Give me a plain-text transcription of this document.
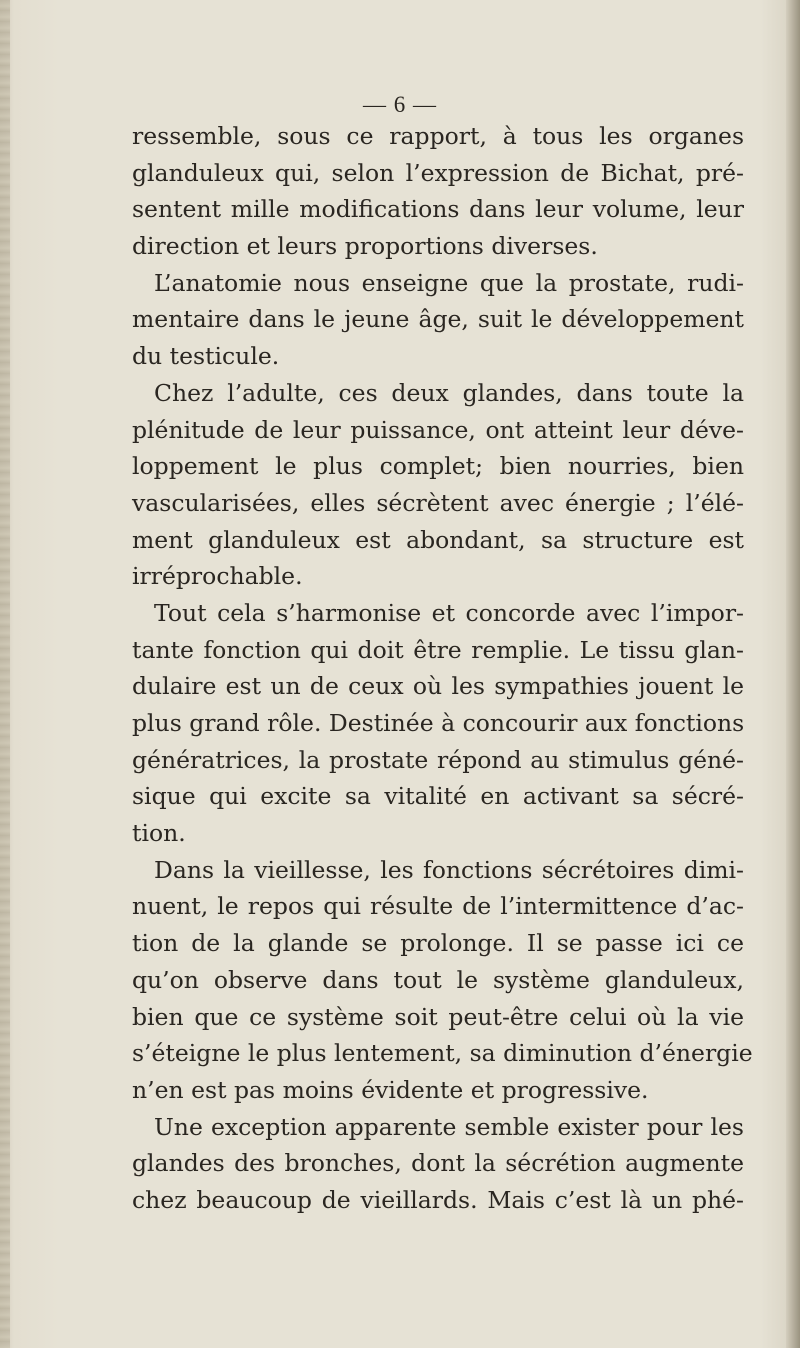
— 6 —
ressemble, sous ce rapport, à tous les organes
glanduleux qui, selon l’expression de Bichat, pré-
sentent mille modifications dans leur volume, leur
direction et leurs proportions diverses.
L’anatomie nous enseigne que la prostate, rudi-
mentaire dans le jeune âge, suit le développement
du testicule.
Chez l’adulte, ces deux glandes, dans toute la
plénitude de leur puissance, ont atteint leur déve-
loppement le plus complet; bien nourries, bien
vascularisées, elles sécrètent avec énergie ; l’élé-
ment glanduleux est abondant, sa structure est
irréprochable.
Tout cela s’harmonise et concorde avec l’impor-
tante fonction qui doit être remplie. Le tissu glan-
dulaire est un de ceux où les sympathies jouent le
plus grand rôle. Destinée à concourir aux fonctions
génératrices, la prostate répond au stimulus géné-
sique qui excite sa vitalité en activant sa sécré-
tion.
Dans la vieillesse, les fonctions sécrétoires dimi-
nuent, le repos qui résulte de l’intermittence d’ac-
tion de la glande se prolonge. Il se passe ici ce
qu’on observe dans tout le système glanduleux,
bien que ce système soit peut-être celui où la vie
s’éteigne le plus lentement, sa diminution d’énergie
n’en est pas moins évidente et progressive.
Une exception apparente semble exister pour les
glandes des bronches, dont la sécrétion augmente
chez beaucoup de vieillards. Mais c’est là un phé-
